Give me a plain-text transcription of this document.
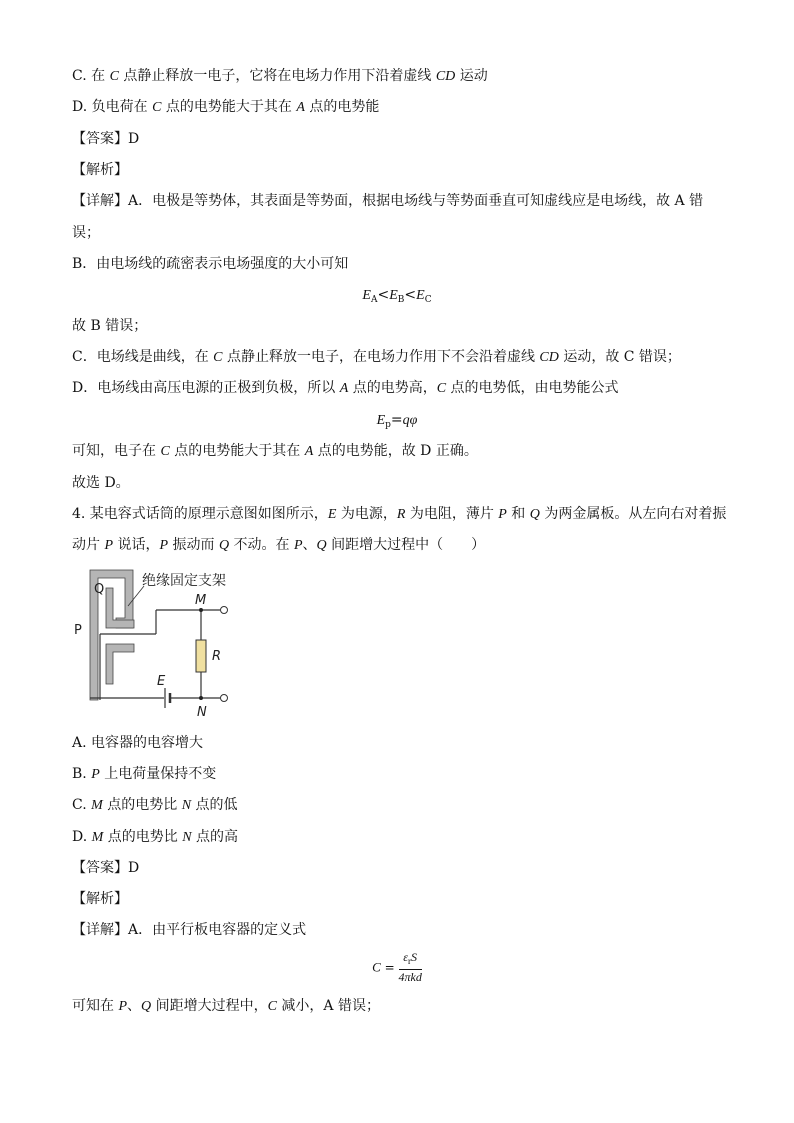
C. 在 C 点静止释放一电子，它将在电场力作用下沿着虚线 CD 运动
D. 负电荷在 C 点的电势能大于其在 A 点的电势能
【答案】D
【解析】
【详解】A．电极是等势体，其表面是等势面，根据电场线与等势面垂直可知虚线应是电场线，故 A 错
误；
B．由电场线的疏密表示电场强度的大小可知
$E_A<E_B<E_C$
故 B 错误；
C．电场线是曲线，在 C 点静止释放一电子，在电场力作用下不会沿着虚线 CD 运动，故 C 错误；
D．电场线由高压电源的正极到负极，所以 A 点的电势高，C 点的电势低，由电势能公式
$E_p=q\varphi$
可知，电子在 C 点的电势能大于其在 A 点的电势能，故 D 正确。
故选 D。
4. 某电容式话筒的原理示意图如图所示，E 为电源，R 为电阻，薄片 P 和 Q 为两金属板。从左向右对着振
动片 P 说话，P 振动而 Q 不动。在 P、Q 间距增大过程中（　　）
绝缘固定支架
Q
P
M
R
E
N
A. 电容器的电容增大
B. P 上电荷量保持不变
C. M 点的电势比 N 点的低
D. M 点的电势比 N 点的高
【答案】D
【解析】
【详解】A．由平行板电容器的定义式
$C = \frac{\varepsilon_rS}{\text{4πkd}}$
可知在 P、Q 间距增大过程中，C 减小，A 错误；
